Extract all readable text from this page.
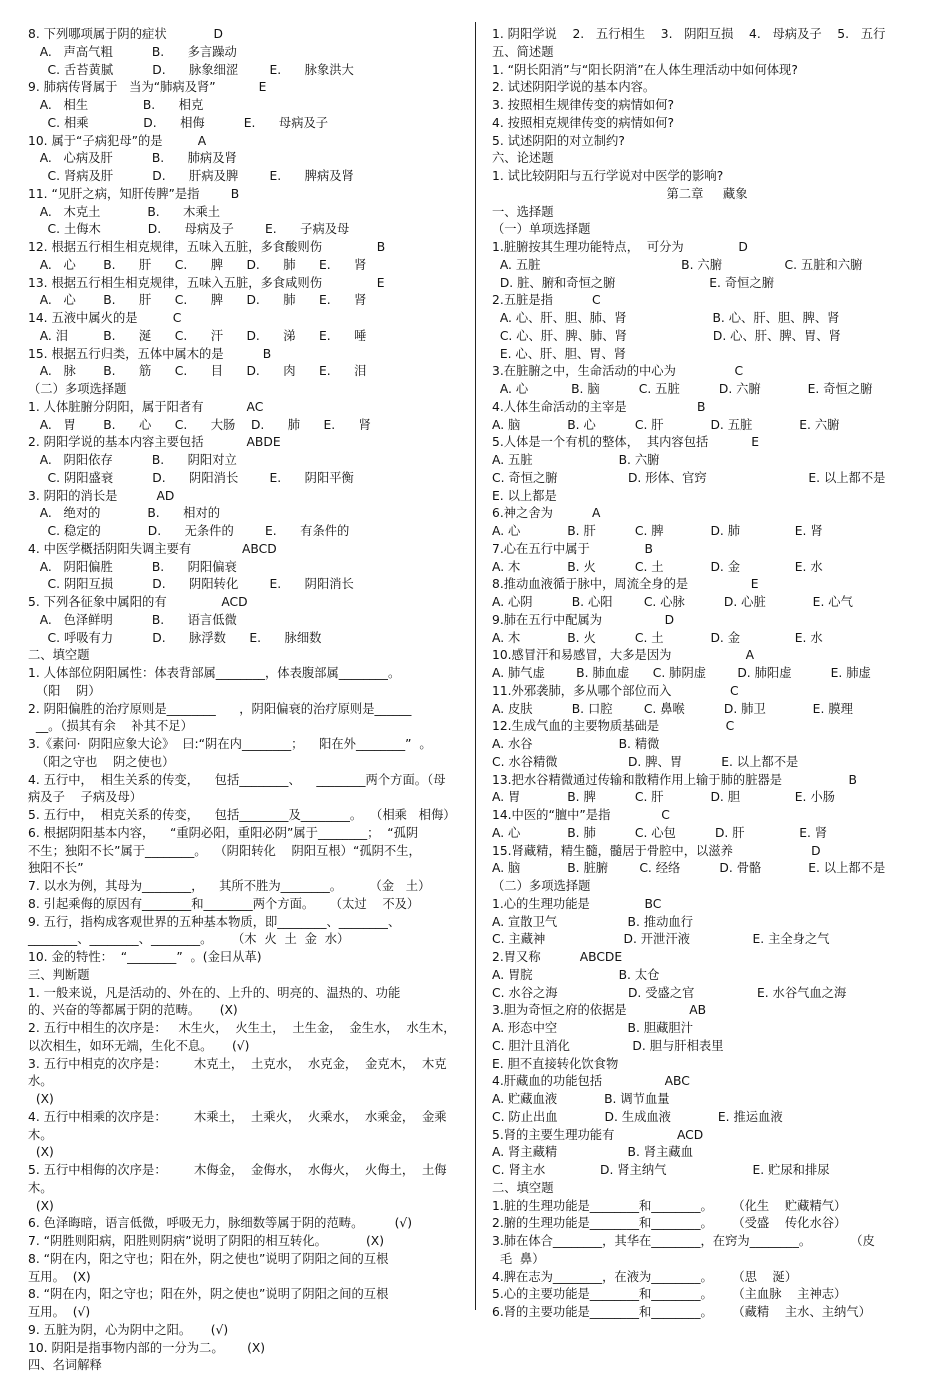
8. 下列哪项属于阴的症状            D

A.   声高气粗          B.      多言躁动

C. 舌苔黄腻          D.      脉象细涩        E.      脉象洪大

9. 肺病传肾属于   当为“肺病及肾”           E

A.   相生              B.      相克

C. 相乘              D.      相侮          E.      母病及子

10. 属于“子病犯母”的是         A

A.   心病及肝          B.      肺病及肾

C. 肾病及肝          D.      肝病及脾        E.      脾病及肾

11. “见肝之病，知肝传脾”是指        B

A.   木克土            B.      木乘土

C. 土侮木            D.      母病及子        E.      子病及母

12. 根据五行相生相克规律，五味入五脏，多食酸则伤              B

A.   心       B.      肝      C.      脾      D.      肺      E.      肾

13. 根据五行相生相克规律，五味入五脏，多食咸则伤              E

A.   心       B.      肝      C.      脾      D.      肺      E.      肾

14. 五液中属火的是         C

A. 泪         B.      涎      C.      汗      D.      涕      E.      唾

15. 根据五行归类，五体中属木的是          B

A.   脉       B.      筋      C.      目      D.      肉      E.      泪

（二）多项选择题

1. 人体脏腑分阴阳，属于阳者有           AC

A.   胃       B.      心      C.      大肠    D.      肺      E.      肾

2. 阴阳学说的基本内容主要包括           ABDE

A.   阴阳依存          B.      阴阳对立

C. 阴阳盛衰          D.      阴阳消长        E.      阴阳平衡

3. 阴阳的消长是          AD

A.   绝对的            B.      相对的

C. 稳定的            D.      无条件的        E.      有条件的

4. 中医学概括阴阳失调主要有             ABCD

A.   阴阳偏胜          B.      阴阳偏衰

C. 阴阳互损          D.      阴阳转化        E.      阴阳消长

5. 下列各征象中属阳的有              ACD

A.   色泽鲜明          B.      语言低微

C. 呼吸有力          D.      脉浮数      E.      脉细数

二、填空题

1. 人体部位阴阳属性：体表背部属________，体表腹部属________。

（阳    阴）

2. 阴阳偏胜的治疗原则是________      ，阴阳偏衰的治疗原则是______

__。（损其有余    补其不足）

3.《素问·  阴阳应象大论》  曰:“阴在内________；    阳在外________”  。

（阳之守也    阴之使也）

4. 五行中，  相生关系的传变，    包括________、    ________两个方面。（母

病及子    子病及母）

5. 五行中，  相克关系的传变，    包括________及________。  （相乘   相侮）

6. 根据阴阳基本内容，    “重阴必阳，重阳必阴”属于________；  “孤阴

不生；独阳不长”属于________。  （阴阳转化    阴阳互根）“孤阴不生，

独阳不长”

7. 以水为例，其母为________，    其所不胜为________。       （金   土）

8. 引起乘侮的原因有________和________两个方面。    （太过    不及）

9. 五行，指构成客观世界的五种基本物质，即________、________、

________、________、________。     （木  火  土  金  水）

10. 金的特性：  “________”  。(金曰从革)

三、判断题

1. 一般来说，凡是活动的、外在的、上升的、明亮的、温热的、功能

的、兴奋的等都属于阴的范畴。     (X)

2. 五行中相生的次序是：   木生火，  火生土，  土生金，  金生水，  水生木，

以次相生，如环无端，生化不息。     (√)

3. 五行中相克的次序是：       木克土，  土克水，  水克金，  金克木，  木克水。

(X)

4. 五行中相乘的次序是：       木乘土，  土乘火，  火乘水，  水乘金，  金乘木。

(X)

5. 五行中相侮的次序是：       木侮金，  金侮水，  水侮火，  火侮土，  土侮木。

(X)

6. 色泽晦暗，语言低微，呼吸无力，脉细数等属于阴的范畴。        (√)

7. “阴胜则阳病，阳胜则阴病”说明了阴阳的相互转化。          (X)

8. “阴在内，阳之守也；阳在外，阴之使也”说明了阴阳之间的互根

互用。  (X)

8. “阴在内，阳之守也；阳在外，阴之使也”说明了阴阳之间的互根

互用。  (√)

9. 五脏为阴，心为阴中之阳。     (√)

10. 阴阳是指事物内部的一分为二。      (X)

四、名词解释

1. 阴阳学说    2.   五行相生    3.   阴阳互损    4.   母病及子    5.   五行

五、简述题

1. “阴长阳消”与“阳长阴消”在人体生理活动中如何体现?

2. 试述阴阳学说的基本内容。

3. 按照相生规律传变的病情如何?

4. 按照相克规律传变的病情如何?

5. 试述阴阳的对立制约?

六、论述题

1. 试比较阴阳与五行学说对中医学的影响?

第二章     藏象

一、选择题

（一）单项选择题

1.脏腑按其生理功能特点，  可分为              D

A. 五脏                                    B. 六腑                C. 五脏和六腑

D. 脏、腑和奇恒之腑                        E. 奇恒之腑

2.五脏是指          C

A. 心、肝、胆、肺、肾                      B. 心、肝、胆、脾、肾

C. 心、肝、脾、肺、肾                      D. 心、肝、脾、胃、肾

E. 心、肝、胆、胃、肾

3.在脏腑之中，生命活动的中心为               C

A. 心           B. 脑          C. 五脏          D. 六腑            E. 奇恒之腑

4.人体生命活动的主宰是                  B

A. 脑            B. 心          C. 肝            D. 五脏            E. 六腑

5.人体是一个有机的整体，  其内容包括           E

A. 五脏                      B. 六腑

C. 奇恒之腑                  D. 形体、官窍                          E. 以上都不是

E. 以上都是

6.神之舍为          A

A. 心            B. 肝          C. 脾            D. 肺              E. 肾

7.心在五行中属于              B

A. 木            B. 火          C. 土            D. 金              E. 水

8.推动血液循于脉中，周流全身的是                E

A. 心阴          B. 心阳        C. 心脉          D. 心脏            E. 心气

9.肺在五行中配属为                D

A. 木            B. 火          C. 土            D. 金              E. 水

10.感冒汗和易感冒，大多是因为                   A

A. 肺气虚        B. 肺血虚      C. 肺阴虚        D. 肺阳虚          E. 肺虚

11.外邪袭肺，多从哪个部位而入               C

A. 皮肤          B. 口腔        C. 鼻喉          D. 肺卫            E. 膜理

12.生成气血的主要物质基础是                 C

A. 水谷                      B. 精微

C. 水谷精微                  D. 脾、胃          E. 以上都不是

13.把水谷精微通过传输和散精作用上输于肺的脏器是                 B

A. 胃            B. 脾          C. 肝            D. 胆              E. 小肠

14.中医的“膻中”是指             C

A. 心            B. 肺          C. 心包          D. 肝              E. 肾

15.肾藏精，精生髓，髓居于骨腔中，以滋养                    D

A. 脑            B. 脏腑        C. 经络          D. 骨骼            E. 以上都不是

（二）多项选择题

1.心的生理功能是              BC

A. 宣散卫气                  B. 推动血行

C. 主藏神                    D. 开泄汗液                E. 主全身之气

2.胃又称          ABCDE

A. 胃脘                      B. 太仓

C. 水谷之海                  D. 受盛之官                E. 水谷气血之海

3.胆为奇恒之府的依据是                AB

A. 形态中空                  B. 胆藏胆汁

C. 胆汁且消化                D. 胆与肝相表里

E. 胆不直接转化饮食物

4.肝藏血的功能包括                ABC

A. 贮藏血液            B. 调节血量

C. 防止出血            D. 生成血液            E. 推运血液

5.肾的主要生理功能有                ACD

A. 肾主藏精                  B. 肾主藏血

C. 肾主水              D. 肾主纳气                      E. 贮尿和排尿

二、填空题

1.脏的生理功能是________和________。     （化生    贮藏精气）

2.腑的生理功能是________和________。     （受盛    传化水谷）

3.肺在体合________，其华在________，在窍为________。          （皮

毛  鼻）

4.脾在志为________，在液为________。     （思    涎）

5.心的主要功能是________和________。     （主血脉    主神志）

6.肾的主要功能是________和________。     （藏精    主水、主纳气）
